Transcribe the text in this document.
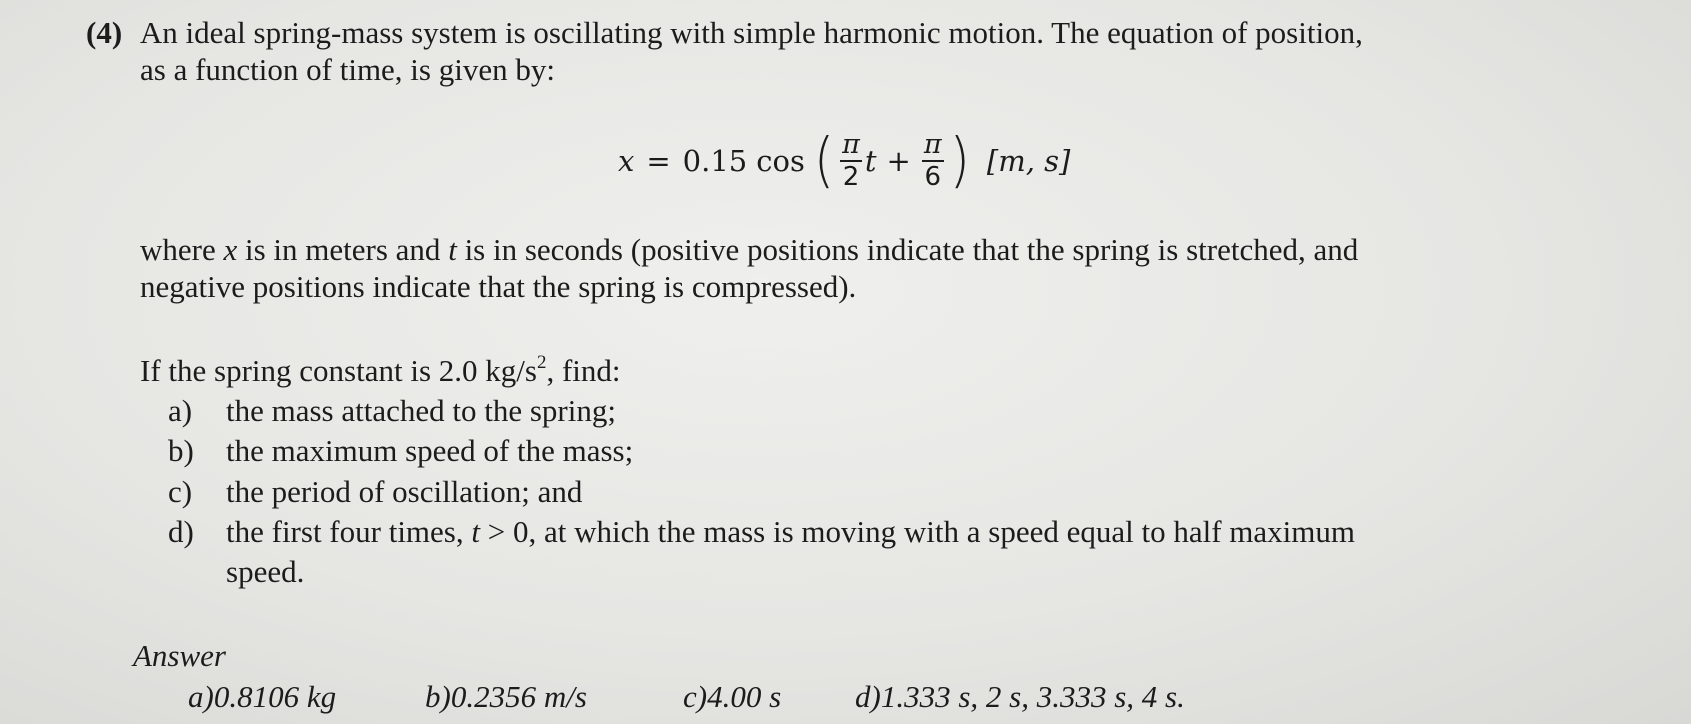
(4) An ideal spring-mass system is oscillating with simple harmonic motion. The equation of position,
as a function of time, is given by:
x = 0.15 cos ( $\frac{\pi}{2}$ $t + \frac{\pi}{6}$ ) [m, s]
where x is in meters and t is in seconds (positive positions indicate that the spring is stretched, and
negative positions indicate that the spring is compressed).
If the spring constant is 2.0 $kg/s^2$, find:
a) the mass attached to the spring;
b) the maximum speed of the mass;
c) the period of oscillation; and
d) the first four times, t > 0, at which the mass is moving with a speed equal to half maximum
speed.
Answer
a)0.8106 kg	b)0.2356 m/s	c)4.00 s d)1.333 s, 2 s, 3.333 s, 4 s.
